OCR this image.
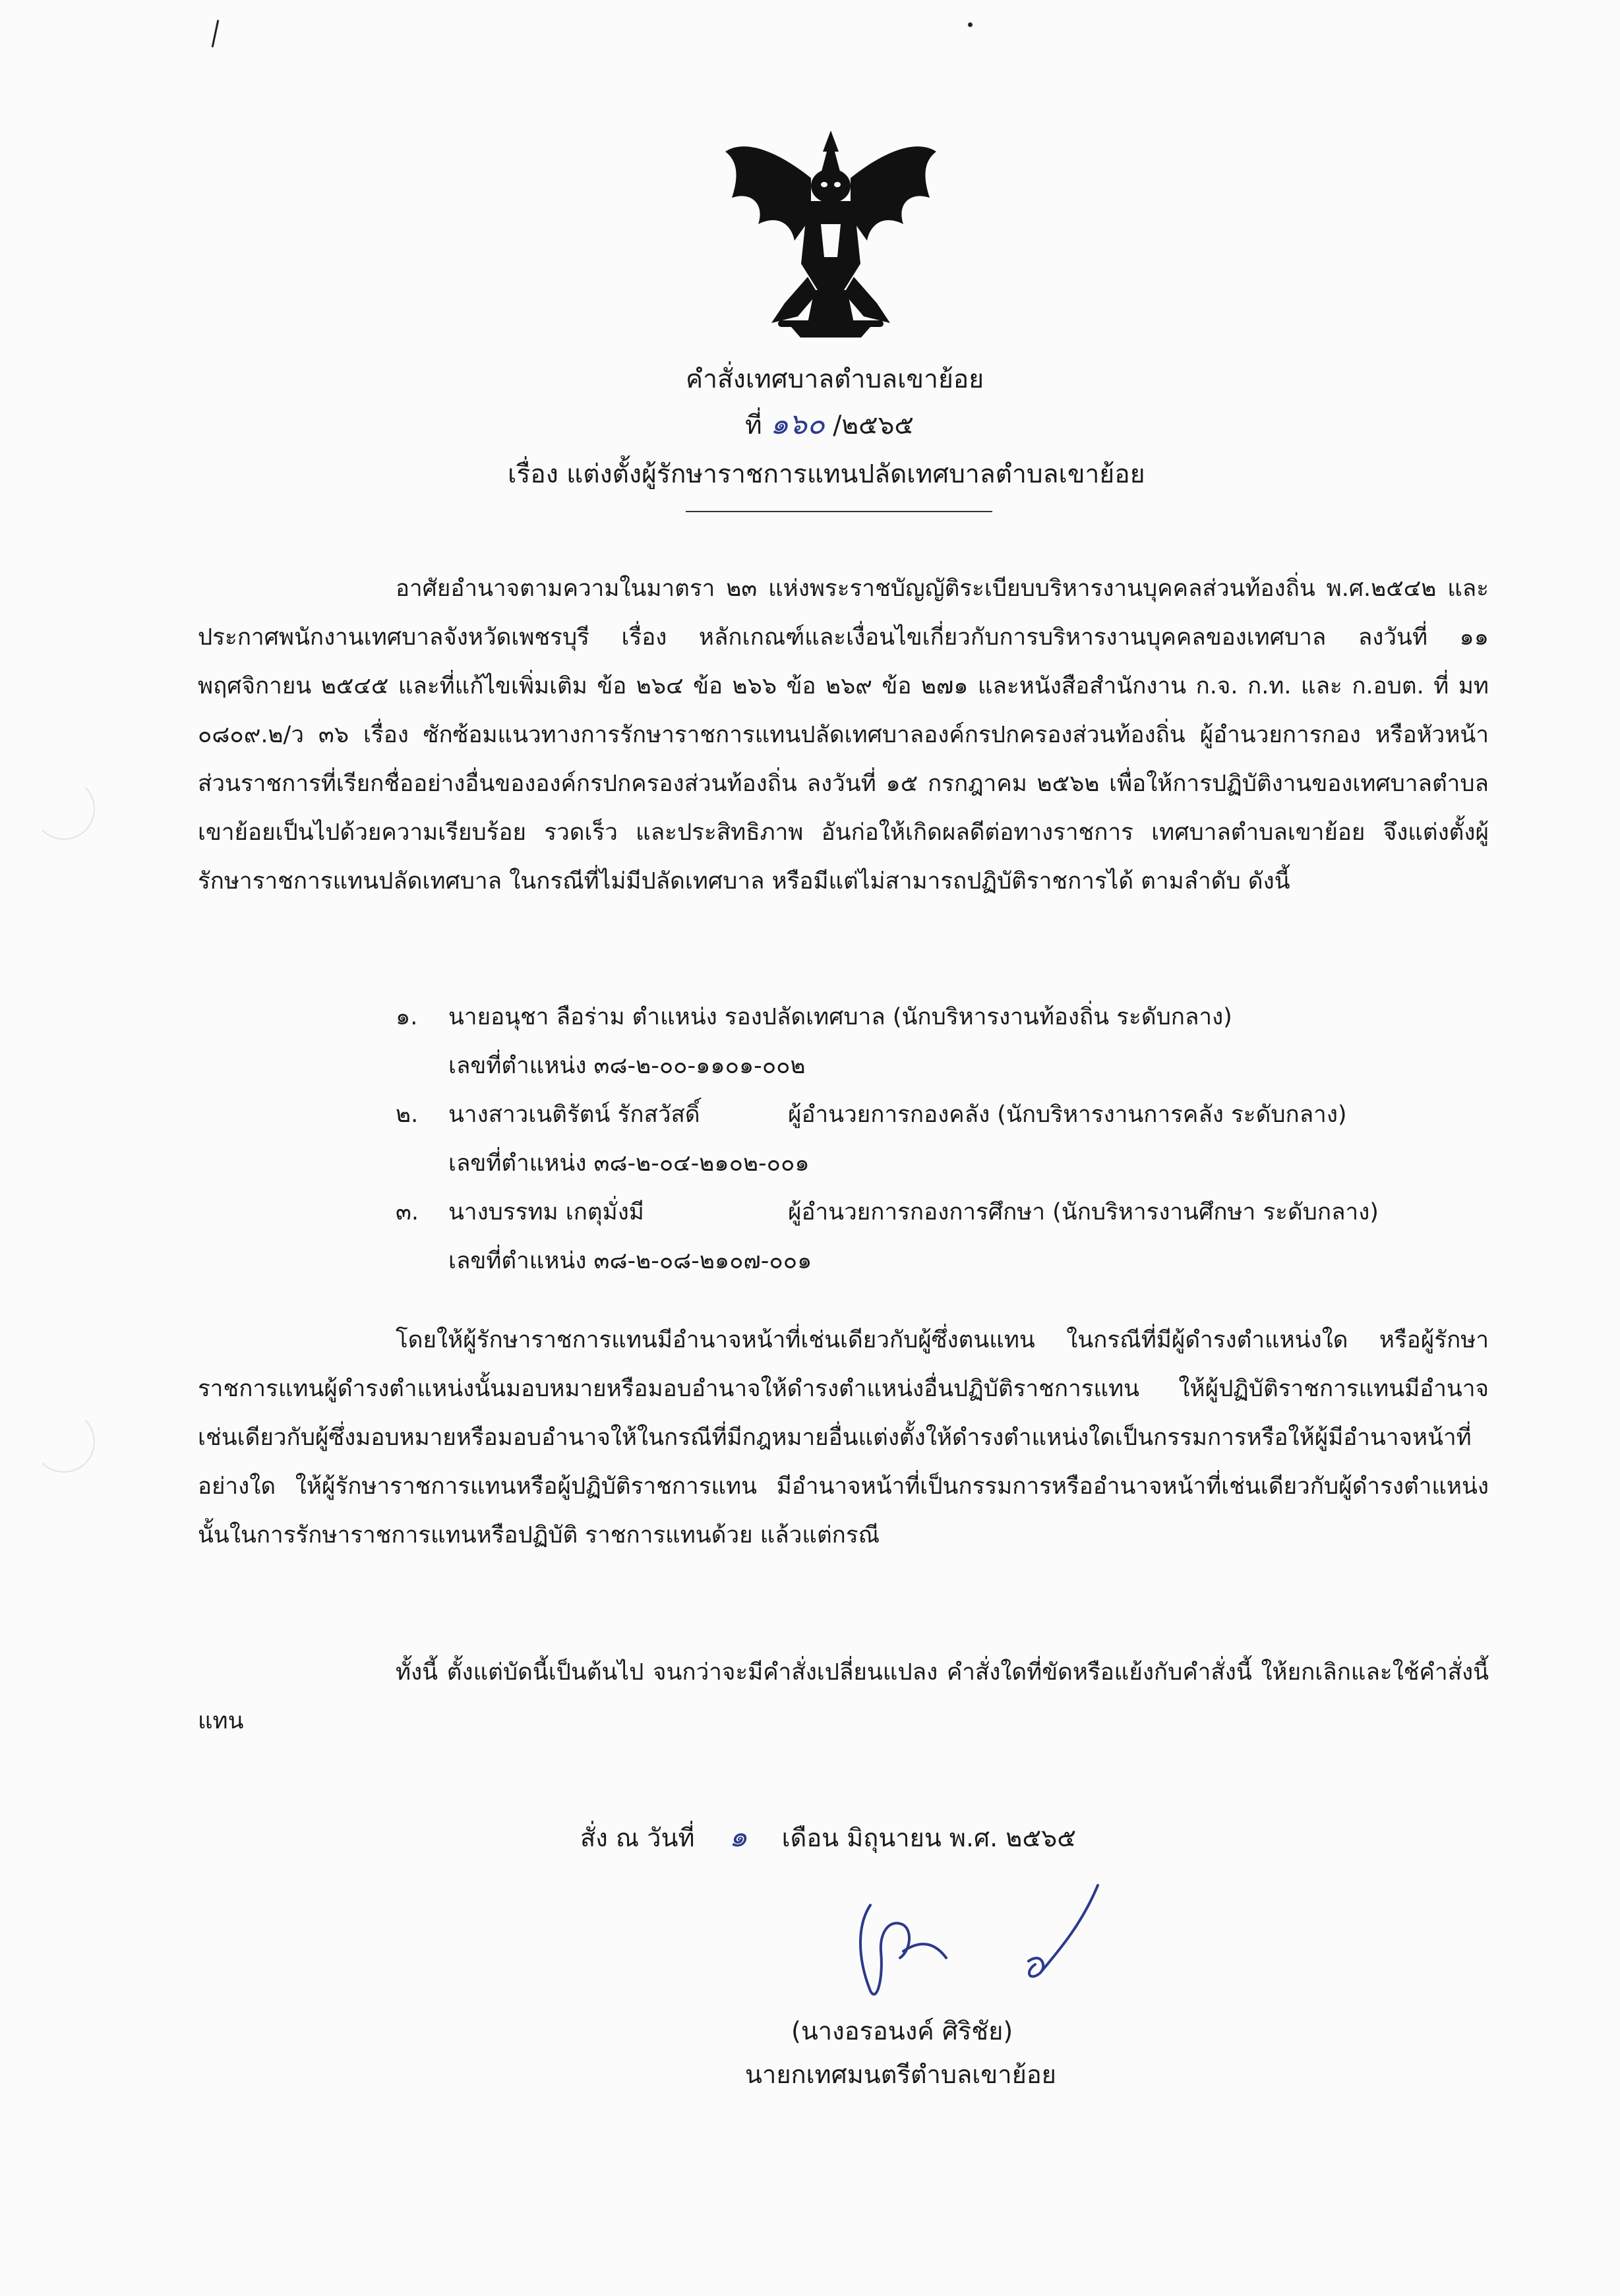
คำสั่งเทศบาลตำบลเขาย้อย
ที่ ๑๖๐ /๒๕๖๕
เรื่อง แต่งตั้งผู้รักษาราชการแทนปลัดเทศบาลตำบลเขาย้อย
อาศัยอำนาจตามความในมาตรา ๒๓ แห่งพระราชบัญญัติระเบียบบริหารงานบุคคลส่วนท้องถิ่น พ.ศ.๒๕๔๒ และประกาศพนักงานเทศบาลจังหวัดเพชรบุรี เรื่อง หลักเกณฑ์และเงื่อนไขเกี่ยวกับการบริหารงานบุคคลของเทศบาล ลงวันที่ ๑๑ พฤศจิกายน ๒๕๔๕ และที่แก้ไขเพิ่มเติม ข้อ ๒๖๔ ข้อ ๒๖๖ ข้อ ๒๖๙ ข้อ ๒๗๑ และหนังสือสำนักงาน ก.จ. ก.ท. และ ก.อบต. ที่ มท ๐๘๐๙.๒/ว ๓๖ เรื่อง ซักซ้อมแนวทางการรักษาราชการแทนปลัดเทศบาลองค์กรปกครองส่วนท้องถิ่น ผู้อำนวยการกอง หรือหัวหน้าส่วนราชการที่เรียกชื่ออย่างอื่นขององค์กรปกครองส่วนท้องถิ่น ลงวันที่ ๑๕ กรกฎาคม ๒๕๖๒ เพื่อให้การปฏิบัติงานของเทศบาลตำบลเขาย้อยเป็นไปด้วยความเรียบร้อย รวดเร็ว และประสิทธิภาพ อันก่อให้เกิดผลดีต่อทางราชการ เทศบาลตำบลเขาย้อย จึงแต่งตั้งผู้รักษาราชการแทนปลัดเทศบาล ในกรณีที่ไม่มีปลัดเทศบาล หรือมีแต่ไม่สามารถปฏิบัติราชการได้ ตามลำดับ ดังนี้
๑. นายอนุชา ลือร่าม ตำแหน่ง รองปลัดเทศบาล (นักบริหารงานท้องถิ่น ระดับกลาง)
เลขที่ตำแหน่ง ๓๘-๒-๐๐-๑๑๐๑-๐๐๒
๒. นางสาวเนติรัตน์ รักสวัสดิ์	ผู้อำนวยการกองคลัง (นักบริหารงานการคลัง ระดับกลาง)
เลขที่ตำแหน่ง ๓๘-๒-๐๔-๒๑๐๒-๐๐๑
๓. นางบรรทม เกตุมั่งมี	ผู้อำนวยการกองการศึกษา (นักบริหารงานศึกษา ระดับกลาง)
เลขที่ตำแหน่ง ๓๘-๒-๐๘-๒๑๐๗-๐๐๑
โดยให้ผู้รักษาราชการแทนมีอำนาจหน้าที่เช่นเดียวกับผู้ซึ่งตนแทน ในกรณีที่มีผู้ดำรงตำแหน่งใด หรือผู้รักษาราชการแทนผู้ดำรงตำแหน่งนั้นมอบหมายหรือมอบอำนาจให้ดำรงตำแหน่งอื่นปฏิบัติราชการแทน ให้ผู้ปฏิบัติราชการแทนมีอำนาจเช่นเดียวกับผู้ซึ่งมอบหมายหรือมอบอำนาจให้ในกรณีที่มีกฎหมายอื่นแต่งตั้งให้ดำรงตำแหน่งใดเป็นกรรมการหรือให้ผู้มีอำนาจหน้าที่อย่างใด ให้ผู้รักษาราชการแทนหรือผู้ปฏิบัติราชการแทน มีอำนาจหน้าที่เป็นกรรมการหรืออำนาจหน้าที่เช่นเดียวกับผู้ดำรงตำแหน่งนั้นในการรักษาราชการแทนหรือปฏิบัติ ราชการแทนด้วย แล้วแต่กรณี
ทั้งนี้ ตั้งแต่บัดนี้เป็นต้นไป จนกว่าจะมีคำสั่งเปลี่ยนแปลง คำสั่งใดที่ขัดหรือแย้งกับคำสั่งนี้ ให้ยกเลิกและใช้คำสั่งนี้แทน
สั่ง ณ วันที่ ๑ เดือน มิถุนายน พ.ศ. ๒๕๖๕
(นางอรอนงค์ ศิริชัย)
นายกเทศมนตรีตำบลเขาย้อย
